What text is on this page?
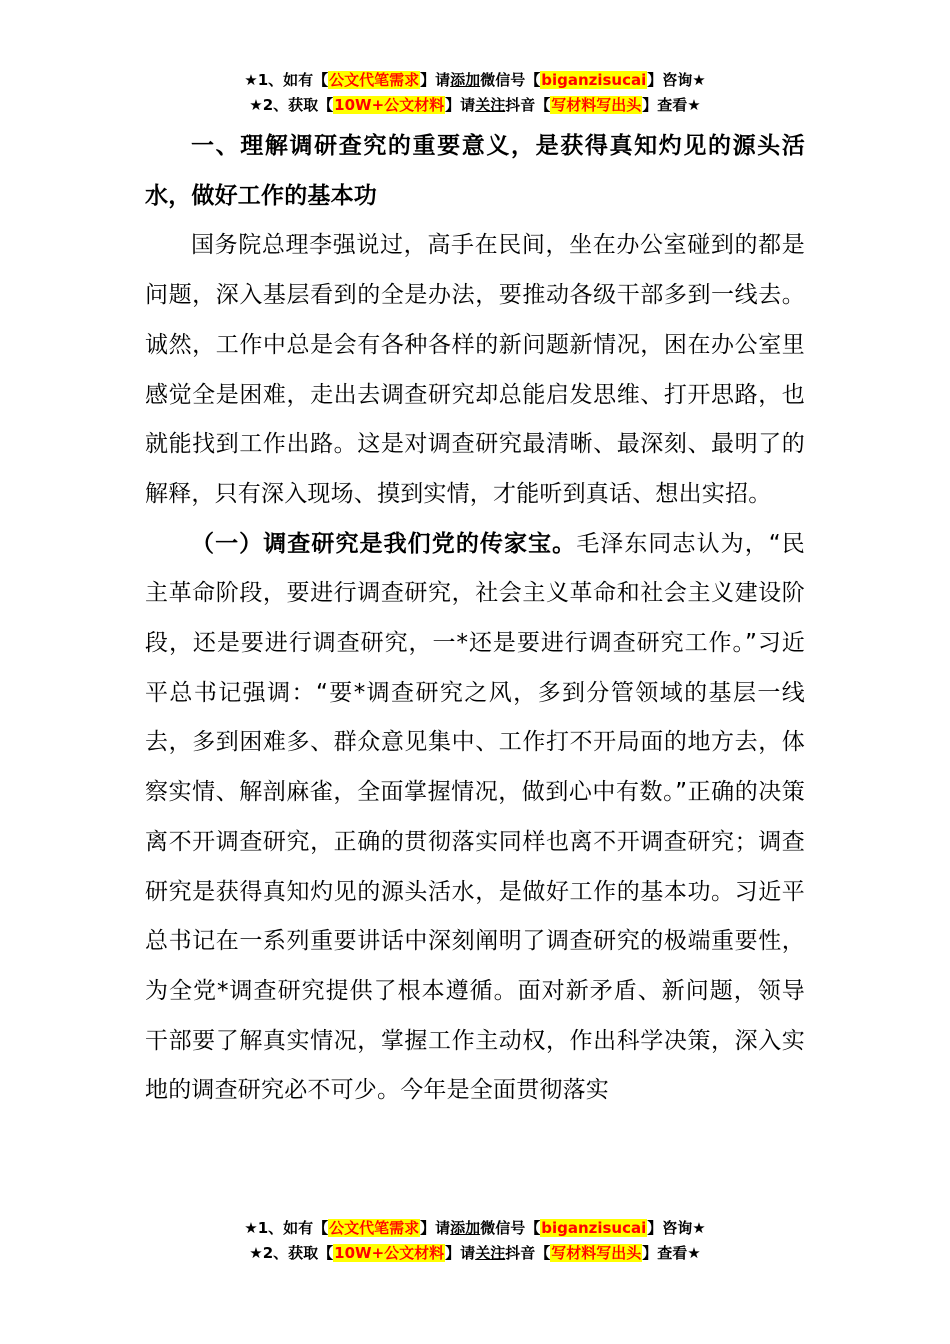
★1、如有【公文代笔需求】请添加微信号【biganzisucai】咨询★
★2、获取【10W+公文材料】请关注抖音【写材料写出头】查看★

一、理解调研查究的重要意义，是获得真知灼见的源头活水，做好工作的基本功

国务院总理李强说过，高手在民间，坐在办公室碰到的都是问题，深入基层看到的全是办法，要推动各级干部多到一线去。诚然，工作中总是会有各种各样的新问题新情况，困在办公室里感觉全是困难，走出去调查研究却总能启发思维、打开思路，也就能找到工作出路。这是对调查研究最清晰、最深刻、最明了的解释，只有深入现场、摸到实情，才能听到真话、想出实招。

（一）调查研究是我们党的传家宝。毛泽东同志认为，“民主革命阶段，要进行调查研究，社会主义革命和社会主义建设阶段，还是要进行调查研究，一*还是要进行调查研究工作。”习近平总书记强调：“要*调查研究之风，多到分管领域的基层一线去，多到困难多、群众意见集中、工作打不开局面的地方去，体察实情、解剖麻雀，全面掌握情况，做到心中有数。”正确的决策离不开调查研究，正确的贯彻落实同样也离不开调查研究；调查研究是获得真知灼见的源头活水，是做好工作的基本功。习近平总书记在一系列重要讲话中深刻阐明了调查研究的极端重要性，为全党*调查研究提供了根本遵循。面对新矛盾、新问题，领导干部要了解真实情况，掌握工作主动权，作出科学决策，深入实地的调查研究必不可少。今年是全面贯彻落实

★1、如有【公文代笔需求】请添加微信号【biganzisucai】咨询★
★2、获取【10W+公文材料】请关注抖音【写材料写出头】查看★
